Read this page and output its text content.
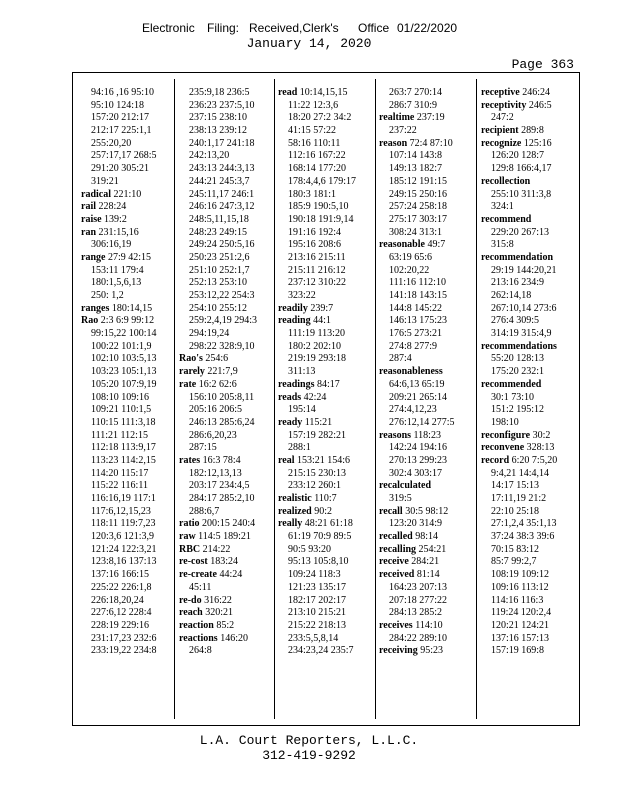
Electronic Filing: Received,Clerk's Office 01/22/2020
January 14, 2020
Page 363
94:16 ,16 95:10
95:10 124:18
157:20 212:17
212:17 225:1,1
255:20,20
257:17,17 268:5
291:20 305:21
319:21
radical 221:10
rail 228:24
raise 139:2
ran 231:15,16
306:16,19
range 27:9 42:15
153:11 179:4
180:1,5,6,13
250: 1,2
ranges 180:14,15
Rao 2:3 6:9 99:12
99:15,22 100:14
100:22 101:1,9
102:10 103:5,13
103:23 105:1,13
105:20 107:9,19
108:10 109:16
109:21 110:1,5
110:15 111:3,18
111:21 112:15
112:18 113:9,17
113:23 114:2,15
114:20 115:17
115:22 116:11
116:16,19 117:1
117:6,12,15,23
118:11 119:7,23
120:3,6 121:3,9
121:24 122:3,21
123:8,16 137:13
137:16 166:15
225:22 226:1,8
226:18,20,24
227:6,12 228:4
228:19 229:16
231:17,23 232:6
233:19,22 234:8
235:9,18 236:5
236:23 237:5,10
237:15 238:10
238:13 239:12
240:1,17 241:18
242:13,20
243:13 244:3,13
244:21 245:3,7
245:11,17 246:1
246:16 247:3,12
248:5,11,15,18
248:23 249:15
249:24 250:5,16
250:23 251:2,6
251:10 252:1,7
252:13 253:10
253:12,22 254:3
254:10 255:12
259:2,4,19 294:3
294:19,24
298:22 328:9,10
Rao's 254:6
rarely 221:7,9
rate 16:2 62:6
156:10 205:8,11
205:16 206:5
246:13 285:6,24
286:6,20,23
287:15
rates 16:3 78:4
182:12,13,13
203:17 234:4,5
284:17 285:2,10
288:6,7
ratio 200:15 240:4
raw 114:5 189:21
RBC 214:22
re-cost 183:24
re-create 44:24
45:11
re-do 316:22
reach 320:21
reaction 85:2
reactions 146:20
264:8
read 10:14,15,15
11:22 12:3,6
18:20 27:2 34:2
41:15 57:22
58:16 110:11
112:16 167:22
168:14 177:20
178:4,4,6 179:17
180:3 181:1
185:9 190:5,10
190:18 191:9,14
191:16 192:4
195:16 208:6
213:16 215:11
215:11 216:12
237:12 310:22
323:22
readily 239:7
reading 44:1
111:19 113:20
180:2 202:10
219:19 293:18
311:13
readings 84:17
reads 42:24
195:14
ready 115:21
157:19 282:21
288:1
real 153:21 154:6
215:15 230:13
233:12 260:1
realistic 110:7
realized 90:2
really 48:21 61:18
61:19 70:9 89:5
90:5 93:20
95:13 105:8,10
109:24 118:3
121:23 135:17
182:17 202:17
213:10 215:21
215:22 218:13
233:5,5,8,14
234:23,24 235:7
263:7 270:14
286:7 310:9
realtime 237:19
237:22
reason 72:4 87:10
107:14 143:8
149:13 182:7
185:12 191:15
249:15 250:16
257:24 258:18
275:17 303:17
308:24 313:1
reasonable 49:7
63:19 65:6
102:20,22
111:16 112:10
141:18 143:15
144:8 145:22
146:13 175:23
176:5 273:21
274:8 277:9
287:4
reasonableness
64:6,13 65:19
209:21 265:14
274:4,12,23
276:12,14 277:5
reasons 118:23
142:24 194:16
270:13 299:23
302:4 303:17
recalculated
319:5
recall 30:5 98:12
123:20 314:9
recalled 98:14
recalling 254:21
receive 284:21
received 81:14
164:23 207:13
207:18 277:22
284:13 285:2
receives 114:10
284:22 289:10
receiving 95:23
receptive 246:24
receptivity 246:5
247:2
recipient 289:8
recognize 125:16
126:20 128:7
129:8 166:4,17
recollection
255:10 311:3,8
324:1
recommend
229:20 267:13
315:8
recommendation
29:19 144:20,21
213:16 234:9
262:14,18
267:10,14 273:6
276:4 309:5
314:19 315:4,9
recommendations
55:20 128:13
175:20 232:1
recommended
30:1 73:10
151:2 195:12
198:10
reconfigure 30:2
reconvene 328:13
record 6:20 7:5,20
9:4,21 14:4,14
14:17 15:13
17:11,19 21:2
22:10 25:18
27:1,2,4 35:1,13
37:24 38:3 39:6
70:15 83:12
85:7 99:2,7
108:19 109:12
109:16 113:12
114:16 116:3
119:24 120:2,4
120:21 124:21
137:16 157:13
157:19 169:8
L.A. Court Reporters, L.L.C.
312-419-9292
